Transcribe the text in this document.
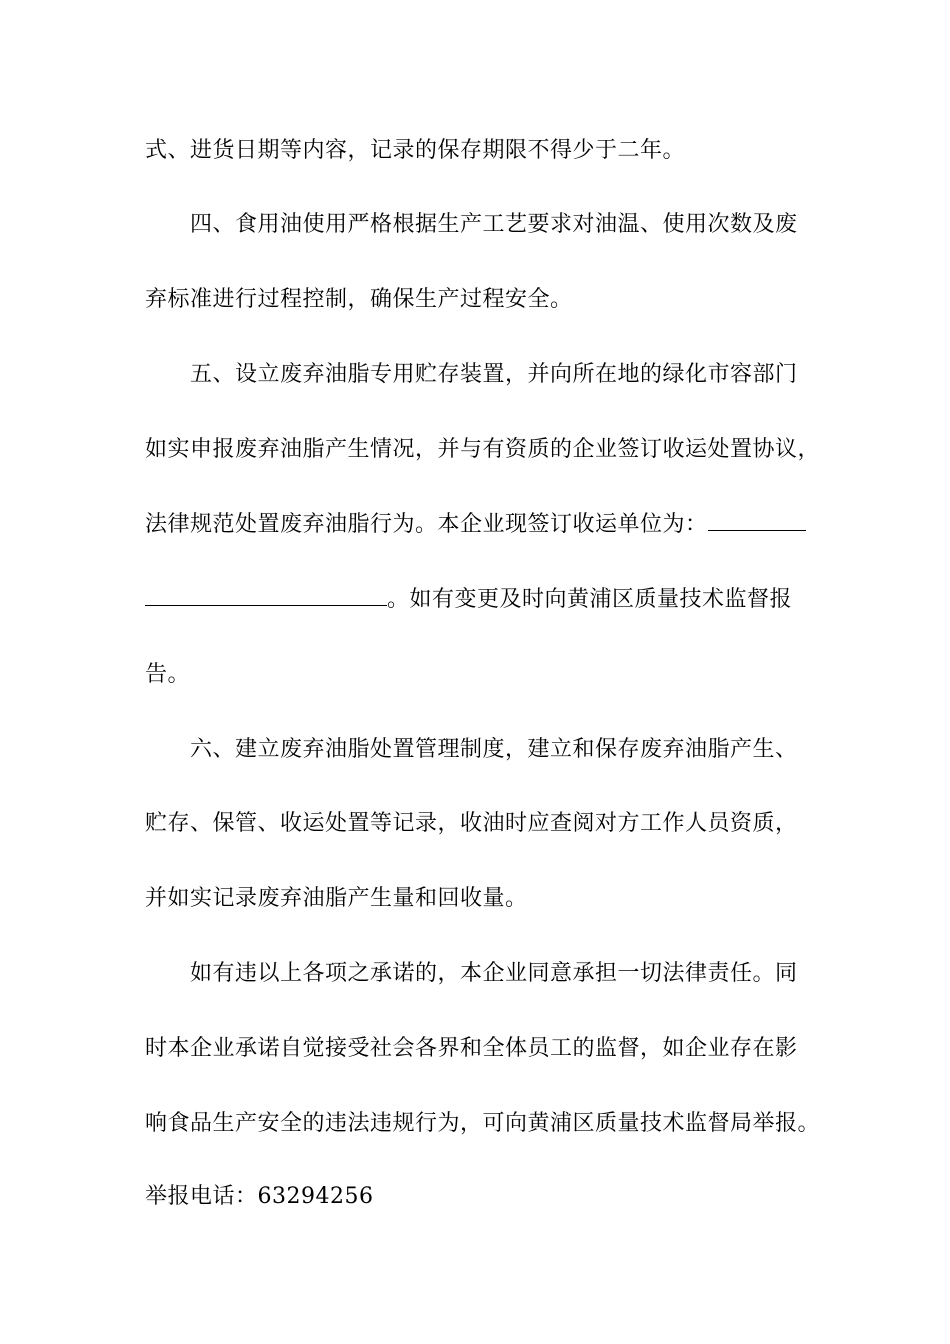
式、进货日期等内容，记录的保存期限不得少于二年。
四、食用油使用严格根据生产工艺要求对油温、使用次数及废
弃标准进行过程控制，确保生产过程安全。
五、设立废弃油脂专用贮存装置，并向所在地的绿化市容部门
如实申报废弃油脂产生情况，并与有资质的企业签订收运处置协议，
法律规范处置废弃油脂行为。本企业现签订收运单位为：
。如有变更及时向黄浦区质量技术监督报
告。
六、建立废弃油脂处置管理制度，建立和保存废弃油脂产生、
贮存、保管、收运处置等记录，收油时应查阅对方工作人员资质，
并如实记录废弃油脂产生量和回收量。
如有违以上各项之承诺的，本企业同意承担一切法律责任。同
时本企业承诺自觉接受社会各界和全体员工的监督，如企业存在影
响食品生产安全的违法违规行为，可向黄浦区质量技术监督局举报。
举报电话：63294256
